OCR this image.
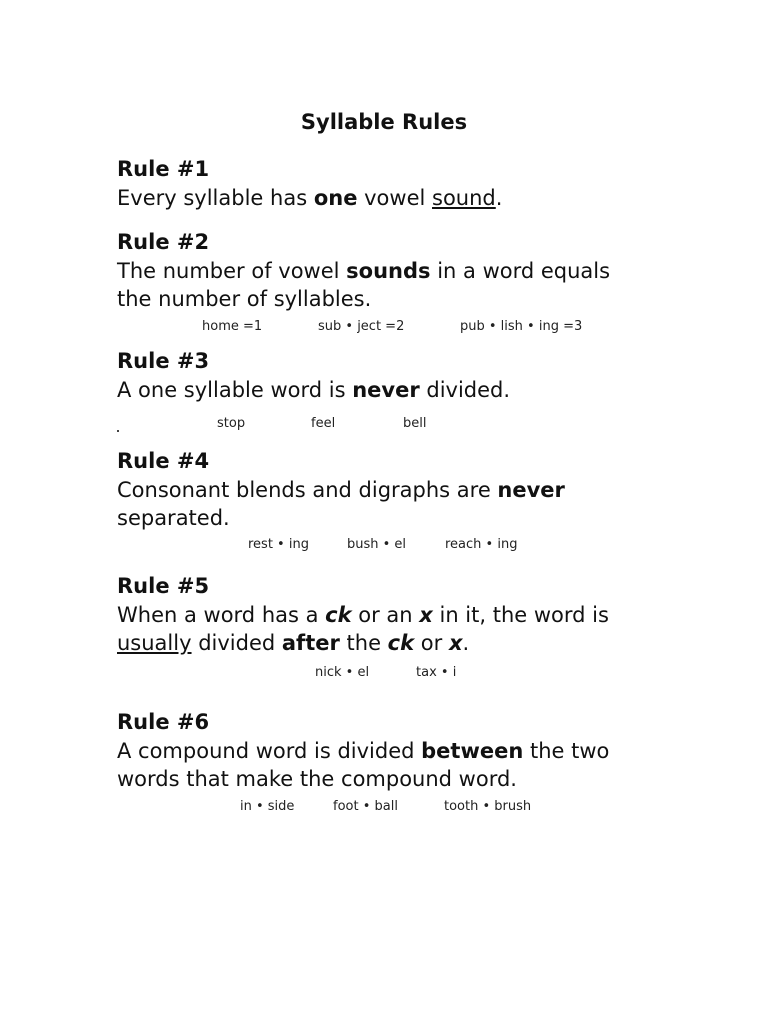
Syllable Rules
Rule #1
Every syllable has one vowel sound.
Rule #2
The number of vowel sounds in a word equals the number of syllables.
home =1	sub • ject =2	pub • lish • ing =3
Rule #3
A one syllable word is never divided.
stop	feel	bell
Rule #4
Consonant blends and digraphs are never separated.
rest • ing	bush • el	reach • ing
Rule #5
When a word has a ck or an x in it, the word is usually divided after the ck or x.
nick • el	tax • i
Rule #6
A compound word is divided between the two words that make the compound word.
in • side	foot • ball	tooth • brush
